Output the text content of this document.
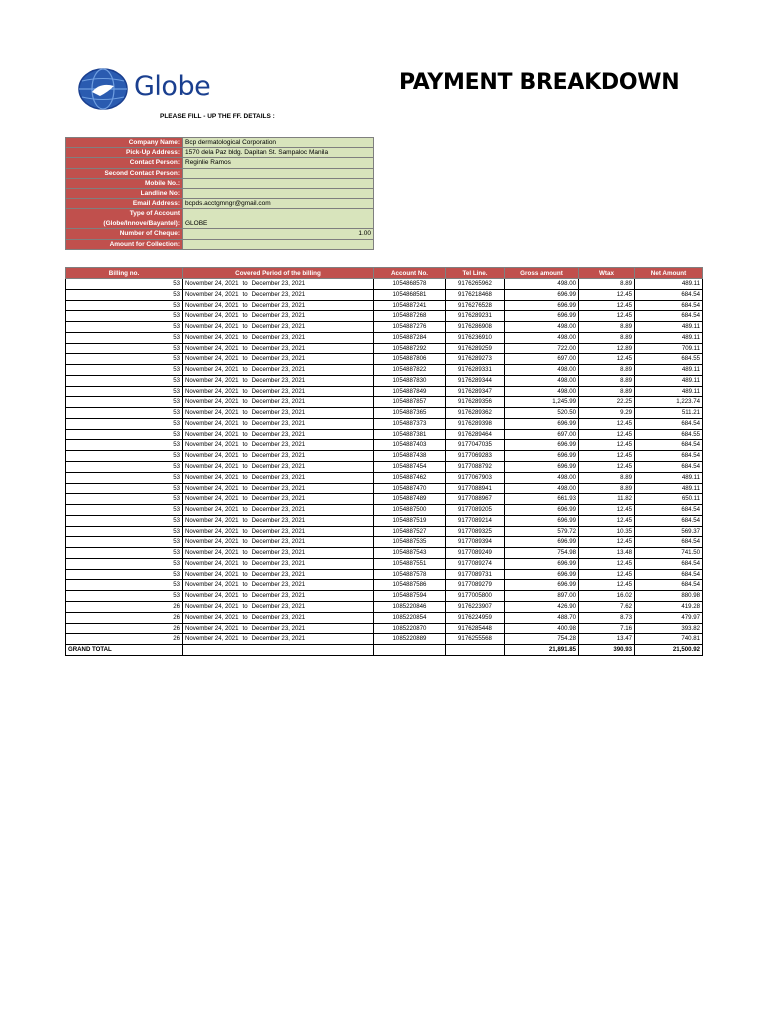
Globe	PAYMENT BREAKDOWN
PLEASE FILL - UP THE FF. DETAILS :
Company Name:	Bcp dermatological Corporation
Pick-Up Address:	1570 dela Paz bldg. Dapitan St. Sampaloc Manila
Contact Person:	Reginlie Ramos
Second Contact Person:	
Mobile No.:	
Landline No:	
Email Address:	bcpds.acctgmngr@gmail.com

Type of Account
(Globe/Innove/Bayantel):	GLOBE
Number of Cheque:	1.00
Amount for Collection:	
Billing no.	Covered Period of the billing	Account No.	Tel Line.	Gross amount	Wtax	Net Amount
53	November 24, 2021 to December 23, 2021	1054868578	9176265962	498.00	8.89	489.11
53	November 24, 2021 to December 23, 2021	1054868581	9176218468	696.99	12.45	684.54
53	November 24, 2021 to December 23, 2021	1054887241	9176276528	696.99	12.45	684.54
53	November 24, 2021 to December 23, 2021	1054887268	9176289231	696.99	12.45	684.54
53	November 24, 2021 to December 23, 2021	1054887276	9176286908	498.00	8.89	489.11
53	November 24, 2021 to December 23, 2021	1054887284	9176236910	498.00	8.89	489.11
53	November 24, 2021 to December 23, 2021	1054887292	9176289259	722.00	12.89	709.11
53	November 24, 2021 to December 23, 2021	1054887806	9176289273	697.00	12.45	684.55
53	November 24, 2021 to December 23, 2021	1054887822	9176289331	498.00	8.89	489.11
53	November 24, 2021 to December 23, 2021	1054887830	9176289344	498.00	8.89	489.11
53	November 24, 2021 to December 23, 2021	1054887849	9176289347	498.00	8.89	489.11
53	November 24, 2021 to December 23, 2021	1054887857	9176289356	1,245.99	22.25	1,223.74
53	November 24, 2021 to December 23, 2021	1054887365	9176289362	520.50	9.29	511.21
53	November 24, 2021 to December 23, 2021	1054887373	9176289398	696.99	12.45	684.54
53	November 24, 2021 to December 23, 2021	1054887381	9176289464	697.00	12.45	684.55
53	November 24, 2021 to December 23, 2021	1054887403	9177047035	696.99	12.45	684.54
53	November 24, 2021 to December 23, 2021	1054887438	9177069283	696.99	12.45	684.54
53	November 24, 2021 to December 23, 2021	1054887454	9177088792	696.99	12.45	684.54
53	November 24, 2021 to December 23, 2021	1054887462	9177067903	498.00	8.89	489.11
53	November 24, 2021 to December 23, 2021	1054887470	9177088941	498.00	8.89	489.11
53	November 24, 2021 to December 23, 2021	1054887489	9177088967	661.93	11.82	650.11
53	November 24, 2021 to December 23, 2021	1054887500	9177089205	696.99	12.45	684.54
53	November 24, 2021 to December 23, 2021	1054887519	9177089214	696.99	12.45	684.54
53	November 24, 2021 to December 23, 2021	1054887527	9177089325	579.72	10.35	569.37
53	November 24, 2021 to December 23, 2021	1054887535	9177089394	696.99	12.45	684.54
53	November 24, 2021 to December 23, 2021	1054887543	9177089249	754.98	13.48	741.50
53	November 24, 2021 to December 23, 2021	1054887551	9177089274	696.99	12.45	684.54
53	November 24, 2021 to December 23, 2021	1054887578	9177089731	696.99	12.45	684.54
53	November 24, 2021 to December 23, 2021	1054887586	9177089279	696.99	12.45	684.54
53	November 24, 2021 to December 23, 2021	1054887594	9177005800	897.00	16.02	880.98
26	November 24, 2021 to December 23, 2021	1085220846	9176223907	426.90	7.62	419.28
26	November 24, 2021 to December 23, 2021	1085220854	9176224959	488.70	8.73	479.97
26	November 24, 2021 to December 23, 2021	1085220870	9176285448	400.98	7.16	393.82
26	November 24, 2021 to December 23, 2021	1085220889	9176255568	754.28	13.47	740.81
GRAND TOTAL				21,891.85	390.93	21,500.92
